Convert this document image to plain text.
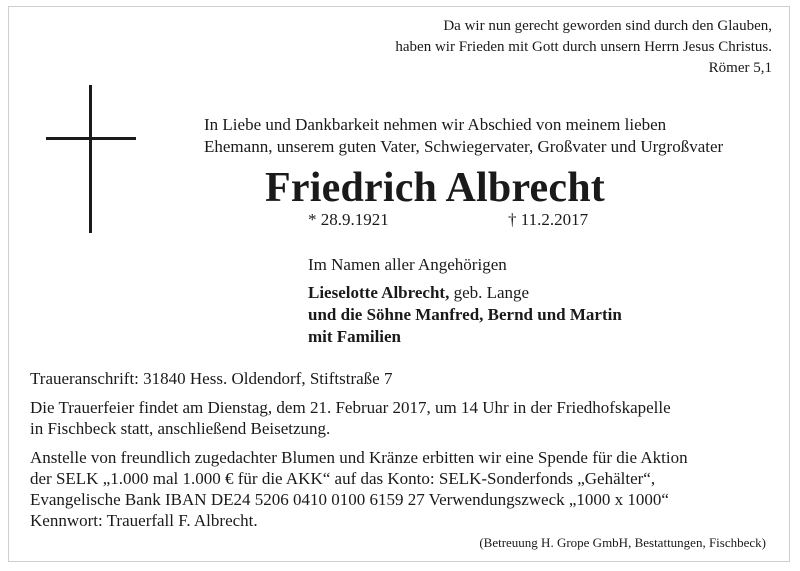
Da wir nun gerecht geworden sind durch den Glauben,
haben wir Frieden mit Gott durch unsern Herrn Jesus Christus.
Römer 5,1
In Liebe und Dankbarkeit nehmen wir Abschied von meinem lieben
Ehemann, unserem guten Vater, Schwiegervater, Großvater und Urgroßvater
Friedrich Albrecht
* 28.9.1921	† 11.2.2017
Im Namen aller Angehörigen
Lieselotte Albrecht, geb. Lange
und die Söhne Manfred, Bernd und Martin
mit Familien

Traueranschrift: 31840 Hess. Oldendorf, Stiftstraße 7

Die Trauerfeier findet am Dienstag, dem 21. Februar 2017, um 14 Uhr in der Friedhofskapelle
in Fischbeck statt, anschließend Beisetzung.

Anstelle von freundlich zugedachter Blumen und Kränze erbitten wir eine Spende für die Aktion
der SELK „1.000 mal 1.000 € für die AKK“ auf das Konto: SELK-Sonderfonds „Gehälter“,
Evangelische Bank IBAN DE24 5206 0410 0100 6159 27 Verwendungszweck „1000 x 1000“
Kennwort: Trauerfall F. Albrecht.

(Betreuung H. Grope GmbH, Bestattungen, Fischbeck)
